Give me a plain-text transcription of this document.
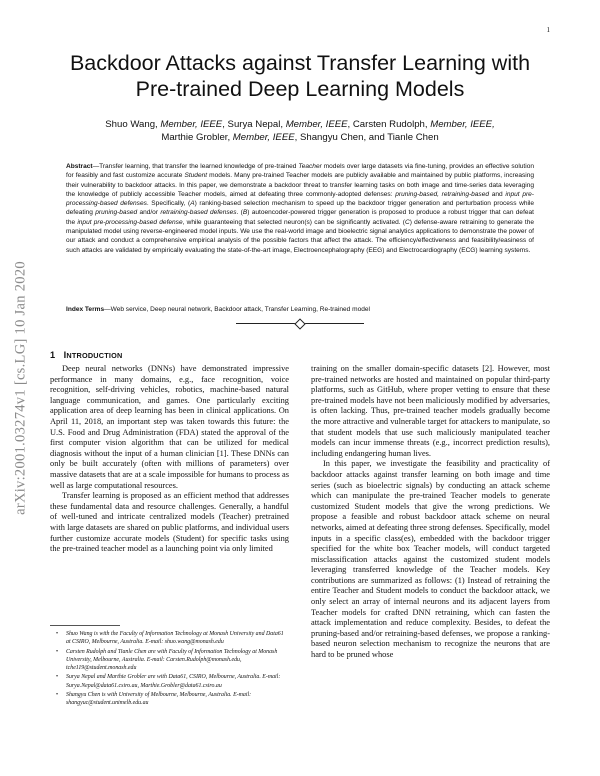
1
arXiv:2001.03274v1 [cs.LG] 10 Jan 2020
Backdoor Attacks against Transfer Learning with Pre-trained Deep Learning Models
Shuo Wang, Member, IEEE, Surya Nepal, Member, IEEE, Carsten Rudolph, Member, IEEE,
Marthie Grobler, Member, IEEE, Shangyu Chen, and Tianle Chen
Abstract—Transfer learning, that transfer the learned knowledge of pre-trained Teacher models over large datasets via fine-tuning, provides an effective solution for feasibly and fast customize accurate Student models. Many pre-trained Teacher models are publicly available and maintained by public platforms, increasing their vulnerability to backdoor attacks. In this paper, we demonstrate a backdoor threat to transfer learning tasks on both image and time-series data leveraging the knowledge of publicly accessible Teacher models, aimed at defeating three commonly-adopted defenses: pruning-based, retraining-based and input pre-processing-based defenses. Specifically, (A) ranking-based selection mechanism to speed up the backdoor trigger generation and perturbation process while defeating pruning-based and/or retraining-based defenses. (B) autoencoder-powered trigger generation is proposed to produce a robust trigger that can defeat the input pre-processing-based defense, while guaranteeing that selected neuron(s) can be significantly activated. (C) defense-aware retraining to generate the manipulated model using reverse-engineered model inputs. We use the real-world image and bioelectric signal analytics applications to demonstrate the power of our attack and conduct a comprehensive empirical analysis of the possible factors that affect the attack. The efficiency/effectiveness and feasibility/easiness of such attacks are validated by empirically evaluating the state-of-the-art image, Electroencephalography (EEG) and Electrocardiography (ECG) learning systems.
Index Terms—Web service, Deep neural network, Backdoor attack, Transfer Learning, Re-trained model
1 INTRODUCTION

Deep neural networks (DNNs) have demonstrated impressive performance in many domains, e.g., face recognition, voice recognition, self-driving vehicles, robotics, machine-based natural language communication, and games. One particularly exciting application area of deep learning has been in clinical applications. On April 11, 2018, an important step was taken towards this future: the U.S. Food and Drug Administration (FDA) stated the approval of the first computer vision algorithm that can be utilized for medical diagnosis without the input of a human clinician [1]. These DNNs can only be built accurately (often with millions of parameters) over massive datasets that are at a scale impossible for humans to process as well as large computational resources.

Transfer learning is proposed as an efficient method that addresses these fundamental data and resource challenges. Generally, a handful of well-tuned and intricate centralized models (Teacher) pretrained with large datasets are shared on public platforms, and individual users further customize accurate models (Student) for specific tasks using the pre-trained teacher model as a launching point via only limited

training on the smaller domain-specific datasets [2]. However, most pre-trained networks are hosted and maintained on popular third-party platforms, such as GitHub, where proper vetting to ensure that these pre-trained models have not been maliciously modified by adversaries, is often lacking. Thus, pre-trained teacher models gradually become the more attractive and vulnerable target for attackers to manipulate, so that student models that use such maliciously manipulated teacher models can incur immense threats (e.g., incorrect prediction results), including endangering human lives.

In this paper, we investigate the feasibility and practicality of backdoor attacks against transfer learning on both image and time series (such as bioelectric signals) by conducting an attack scheme which can manipulate the pre-trained Teacher models to generate customized Student models that give the wrong predictions. We propose a feasible and robust backdoor attack scheme on neural networks, aimed at defeating three strong defenses. Specifically, model inputs in a specific class(es), embedded with the backdoor trigger specified for the white box Teacher models, will conduct targeted misclassification attacks against the customized student models leveraging transferred knowledge of the Teacher models. Key contributions are summarized as follows: (1) Instead of retraining the entire Teacher and Student models to conduct the backdoor attack, we only select an array of internal neurons and its adjacent layers from Teacher models for crafted DNN retraining, which can fasten the attack implementation and reduce complexity. Besides, to defeat the pruning-based and/or retraining-based defenses, we propose a ranking-based neuron selection mechanism to recognize the neurons that are hard to be pruned whose

• Shuo Wang is with the Faculty of Information Technology at Monash University and Data61 at CSIRO, Melbourne, Australia. E-mail: shuo.wang@monash.edu
• Carsten Rudolph and Tianle Chen are with Faculty of Information Technology at Monash University, Melbourne, Australia. E-mail: Carsten.Rudolph@monash.edu, tche119@student.monash.edu
• Surya Nepal and Marthie Grobler are with Data61, CSIRO, Melbourne, Australia. E-mail: Surya.Nepal@data61.csiro.au, Marthie.Grobler@data61.csiro.au
• Shangyu Chen is with University of Melbourne, Melbourne, Australia. E-mail: shangyuc@student.unimelb.edu.au
